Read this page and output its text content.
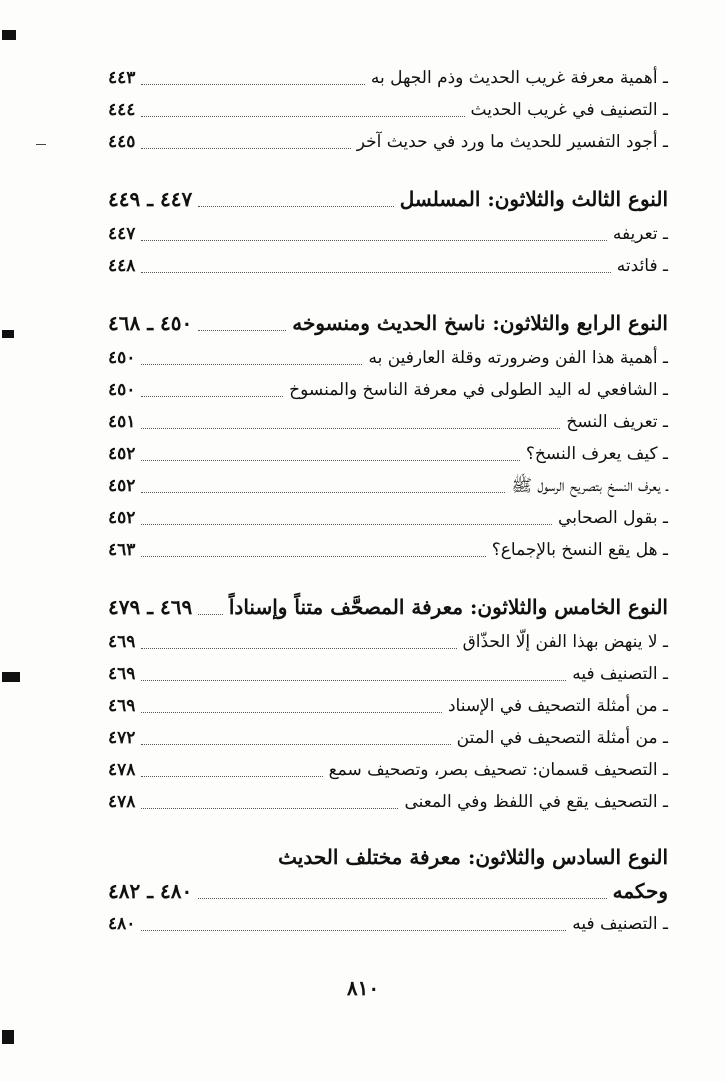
ـ أهمية معرفة غريب الحديث وذم الجهل به
٤٤٣
ـ التصنيف في غريب الحديث
٤٤٤
ـ أجود التفسير للحديث ما ورد في حديث آخر
٤٤٥
النوع الثالث والثلاثون: المسلسل
٤٤٧ ـ ٤٤٩
ـ تعريفه
٤٤٧
ـ فائدته
٤٤٨
النوع الرابع والثلاثون: ناسخ الحديث ومنسوخه
٤٥٠ ـ ٤٦٨
ـ أهمية هذا الفن وضرورته وقلة العارفين به
٤٥٠
ـ الشافعي له اليد الطولى في معرفة الناسخ والمنسوخ
٤٥٠
ـ تعريف النسخ
٤٥١
ـ كيف يعرف النسخ؟
٤٥٢
ـ يعرف النسخ بتصريح الرسول ﷺ
٤٥٢
ـ بقول الصحابي
٤٥٢
ـ هل يقع النسخ بالإجماع؟
٤٦٣
النوع الخامس والثلاثون: معرفة المصحَّف متناً وإسناداً
٤٦٩ ـ ٤٧٩
ـ لا ينهض بهذا الفن إلّا الحذّاق
٤٦٩
ـ التصنيف فيه
٤٦٩
ـ من أمثلة التصحيف في الإسناد
٤٦٩
ـ من أمثلة التصحيف في المتن
٤٧٢
ـ التصحيف قسمان: تصحيف بصر، وتصحيف سمع
٤٧٨
ـ التصحيف يقع في اللفظ وفي المعنى
٤٧٨
النوع السادس والثلاثون: معرفة مختلف الحديث
وحكمه
٤٨٠ ـ ٤٨٢
ـ التصنيف فيه
٤٨٠
٨١٠
